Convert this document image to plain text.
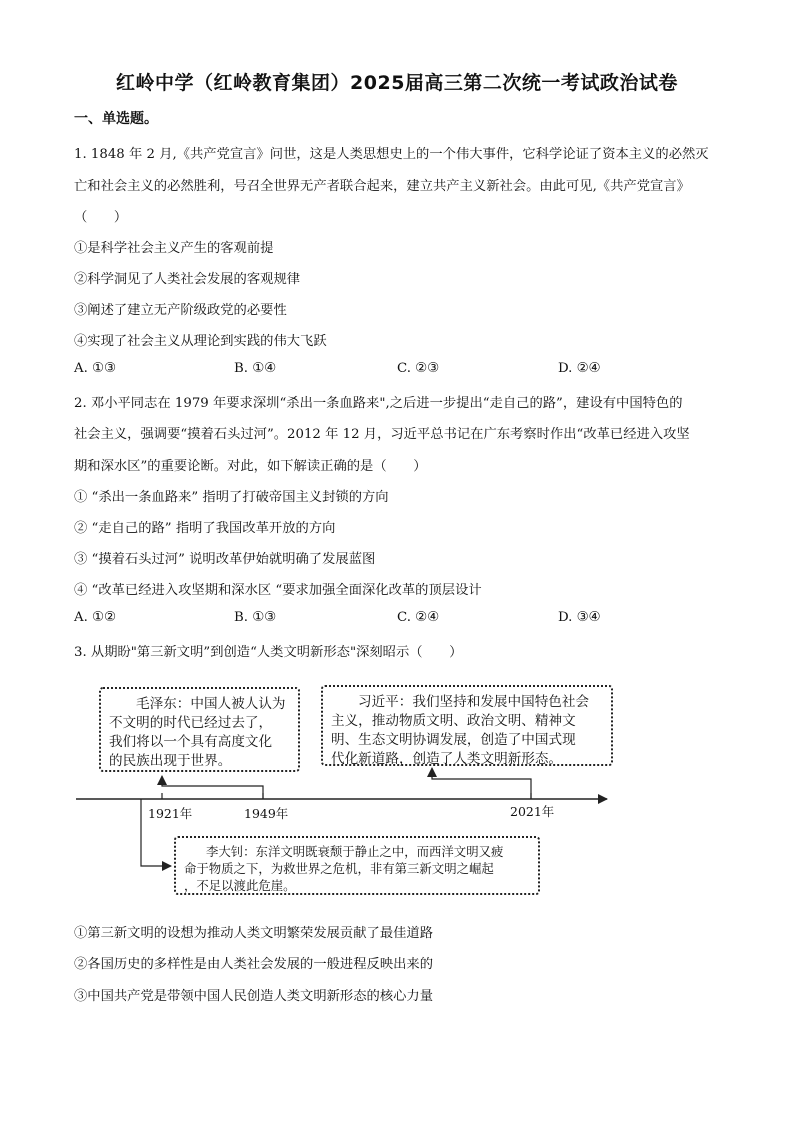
红岭中学（红岭教育集团）2025届高三第二次统一考试政治试卷
一、单选题。
1. 1848 年 2 月,《共产党宣言》问世，这是人类思想史上的一个伟大事件，它科学论证了资本主义的必然灭
亡和社会主义的必然胜利，号召全世界无产者联合起来，建立共产主义新社会。由此可见,《共产党宣言》
（　　）
①是科学社会主义产生的客观前提
②科学洞见了人类社会发展的客观规律
③阐述了建立无产阶级政党的必要性
④实现了社会主义从理论到实践的伟大飞跃
A. ①③	B. ①④	C. ②③	D. ②④
2. 邓小平同志在 1979 年要求深圳“杀出一条血路来",之后进一步提出“走自己的路”，建设有中国特色的
社会主义，强调要“摸着石头过河”。2012 年 12 月，习近平总书记在广东考察时作出“改革已经进入攻坚
期和深水区”的重要论断。对此，如下解读正确的是（　　）
① “杀出一条血路来” 指明了打破帝国主义封锁的方向
② “走自己的路” 指明了我国改革开放的方向
③ “摸着石头过河” 说明改革伊始就明确了发展蓝图
④ “改革已经进入攻坚期和深水区 “要求加强全面深化改革的顶层设计
A. ①②	B. ①③	C. ②④	D. ③④
3. 从期盼"第三新文明”到创造“人类文明新形态"深刻昭示（　　）
1921年	1949年	2021年
毛泽东：中国人被人认为
不文明的时代已经过去了，
我们将以一个具有高度文化
的民族出现于世界。
习近平：我们坚持和发展中国特色社会
主义，推动物质文明、政治文明、精神文
明、生态文明协调发展，创造了中国式现
代化新道路，创造了人类文明新形态。
李大钊：东洋文明既衰颓于静止之中，而西洋文明又疲
命于物质之下，为救世界之危机，非有第三新文明之崛起
，不足以渡此危崖。
①第三新文明的设想为推动人类文明繁荣发展贡献了最佳道路
②各国历史的多样性是由人类社会发展的一般进程反映出来的
③中国共产党是带领中国人民创造人类文明新形态的核心力量
